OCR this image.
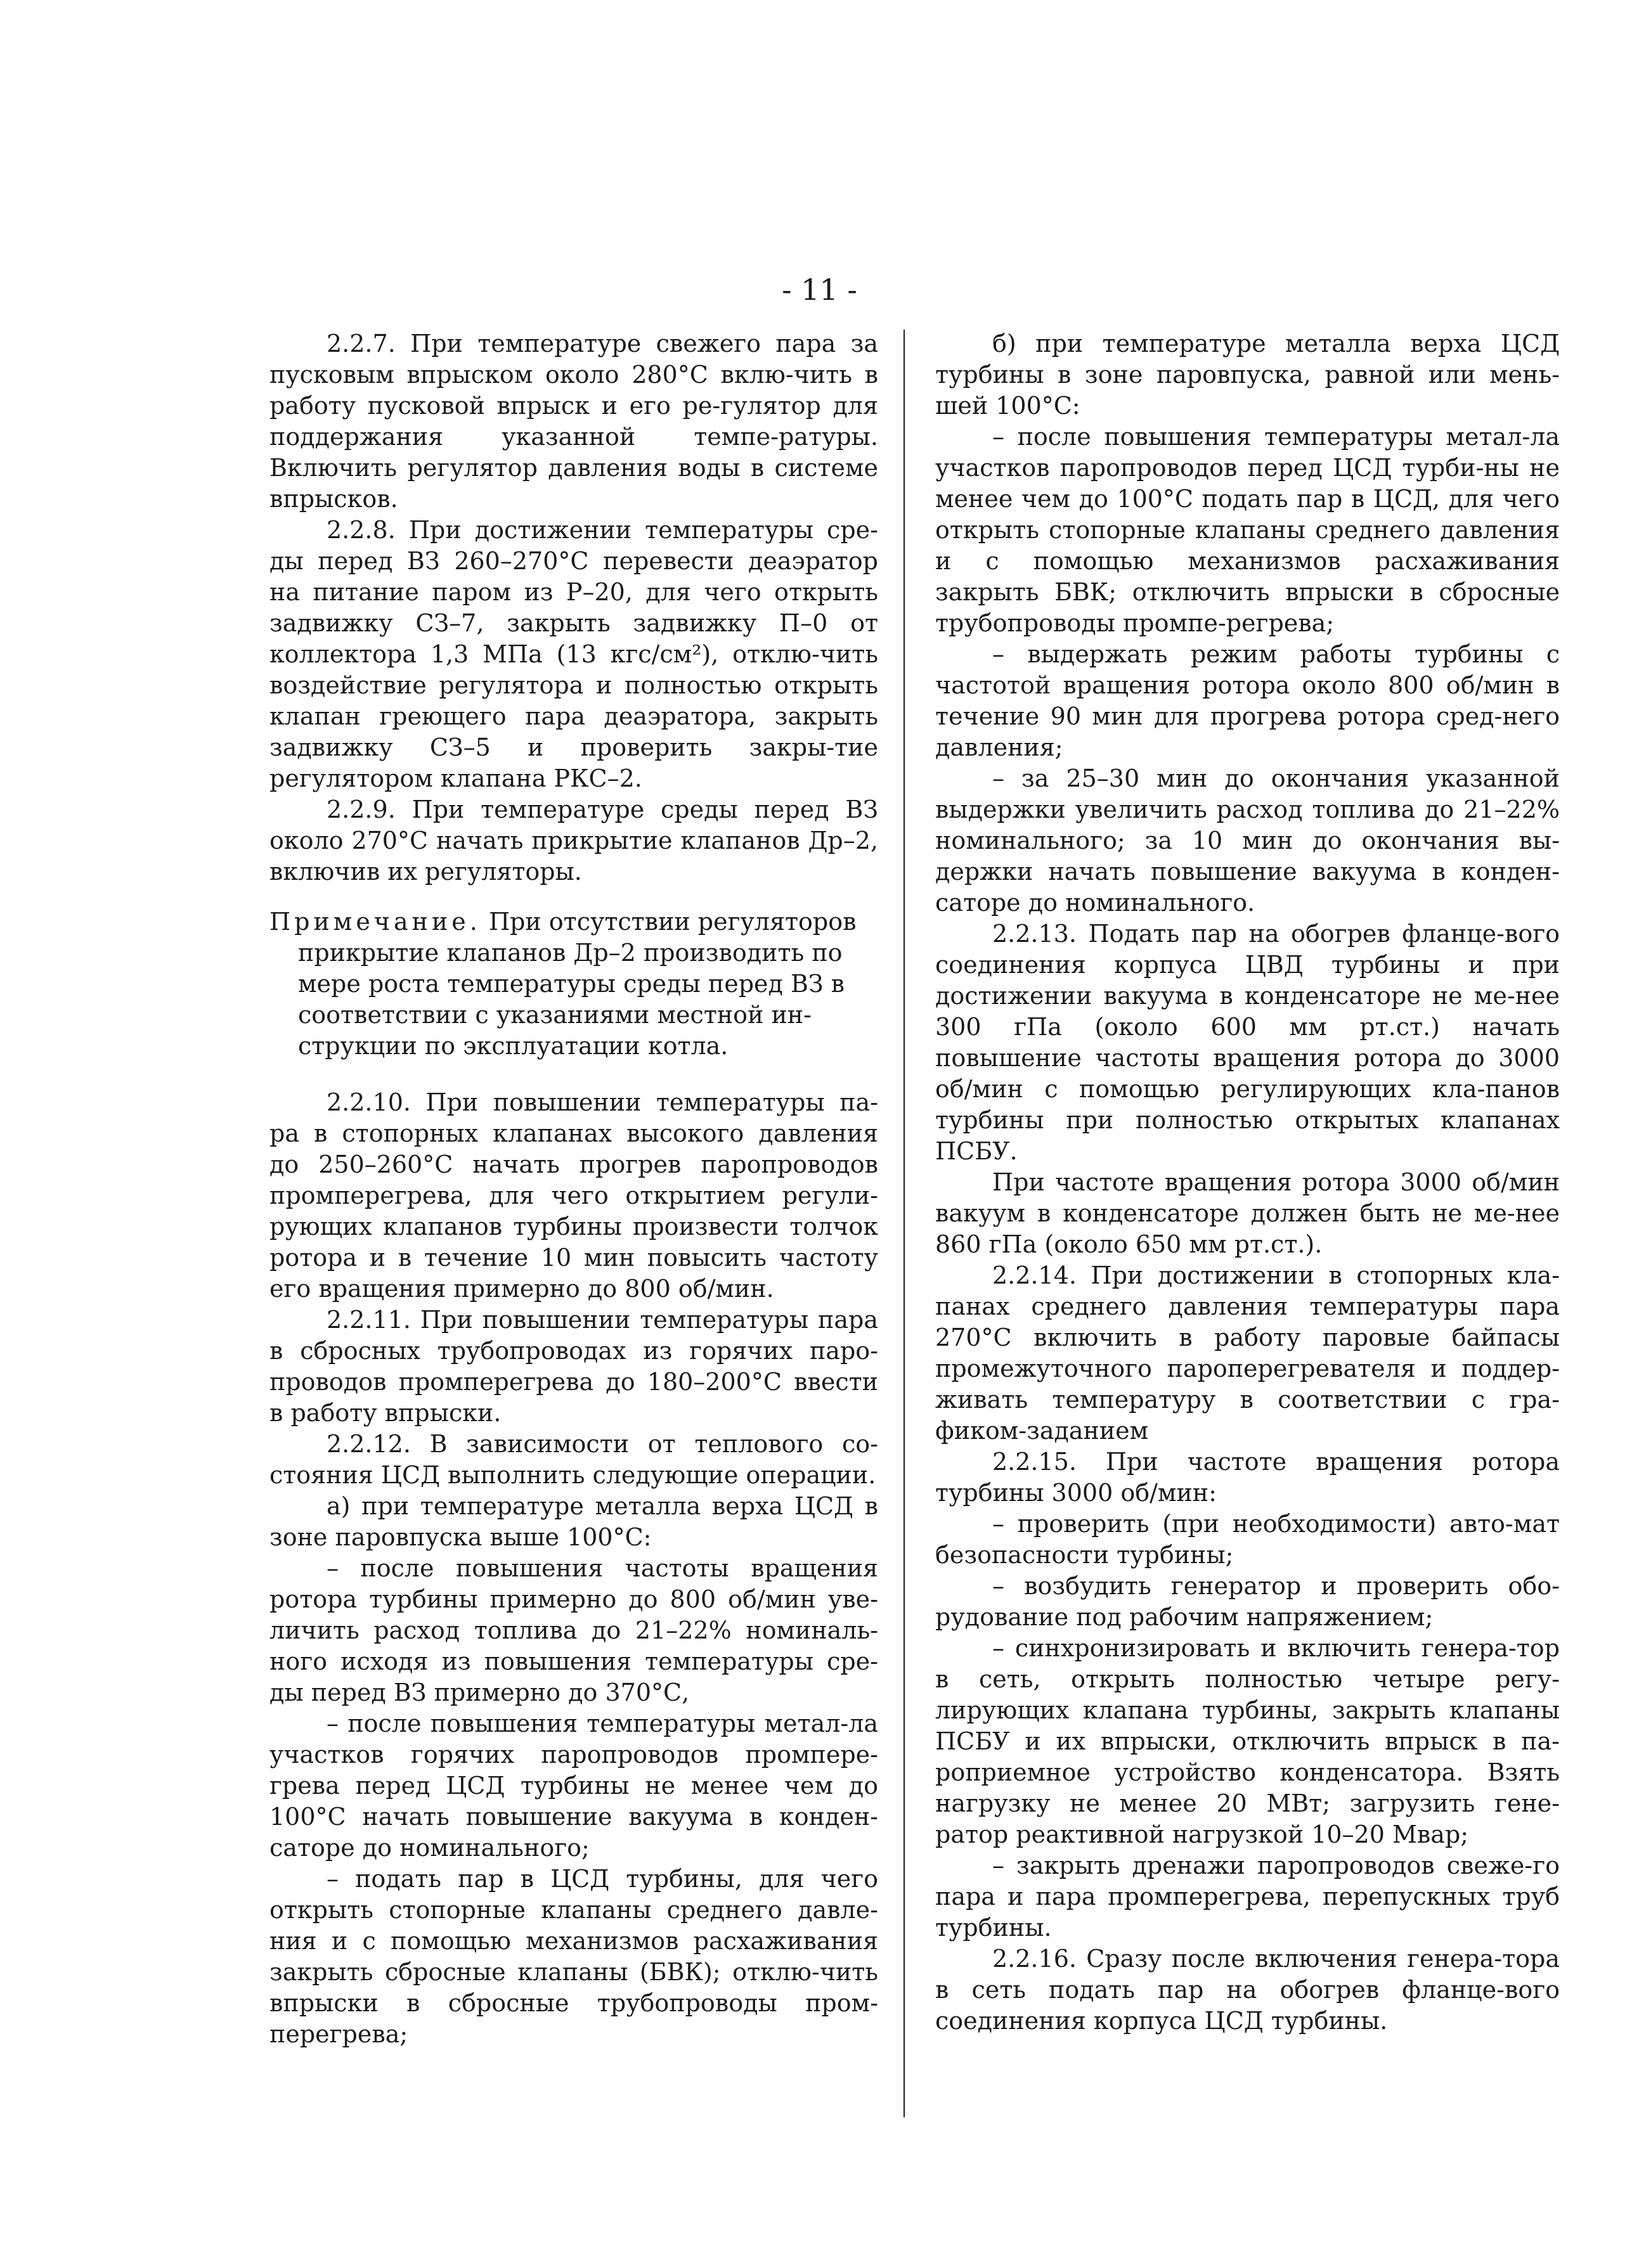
- 11 -

2.2.7. При температуре свежего пара за пусковым впрыском около 280°С вклю-чить в работу пусковой впрыск и его ре-гулятор для поддержания указанной темпе-ратуры. Включить регулятор давления воды в системе впрысков.

2.2.8. При достижении температуры сре-ды перед ВЗ 260–270°С перевести деаэратор на питание паром из Р–20, для чего открыть задвижку СЗ–7, закрыть задвижку П–0 от коллектора 1,3 МПа (13 кгс/см²), отклю-чить воздействие регулятора и полностью открыть клапан греющего пара деаэратора, закрыть задвижку СЗ–5 и проверить закры-тие регулятором клапана РКС–2.

2.2.9. При температуре среды перед ВЗ около 270°С начать прикрытие клапанов Др–2, включив их регуляторы.

Примечание. При отсутствии регуляторов
прикрытие клапанов Др–2 производить по мере роста температуры среды перед ВЗ в соответствии с указаниями местной ин-струкции по эксплуатации котла.

2.2.10. При повышении температуры па-ра в стопорных клапанах высокого давления до 250–260°С начать прогрев паропроводов промперегрева, для чего открытием регули-рующих клапанов турбины произвести толчок ротора и в течение 10 мин повысить частоту его вращения примерно до 800 об/мин.

2.2.11. При повышении температуры пара в сбросных трубопроводах из горячих паро-проводов промперегрева до 180–200°С ввести в работу впрыски.

2.2.12. В зависимости от теплового со-стояния ЦСД выполнить следующие операции.

а) при температуре металла верха ЦСД в зоне паровпуска выше 100°С:

– после повышения частоты вращения ротора турбины примерно до 800 об/мин уве-личить расход топлива до 21–22% номиналь-ного исходя из повышения температуры сре-ды перед ВЗ примерно до 370°С,

– после повышения температуры метал-ла участков горячих паропроводов промпере-грева перед ЦСД турбины не менее чем до 100°С начать повышение вакуума в конден-саторе до номинального;

– подать пар в ЦСД турбины, для чего открыть стопорные клапаны среднего давле-ния и с помощью механизмов расхаживания закрыть сбросные клапаны (БВК); отклю-чить впрыски в сбросные трубопроводы пром-перегрева;

б) при температуре металла верха ЦСД турбины в зоне паровпуска, равной или мень-шей 100°С:

– после повышения температуры метал-ла участков паропроводов перед ЦСД турби-ны не менее чем до 100°С подать пар в ЦСД, для чего открыть стопорные клапаны среднего давления и с помощью механизмов расхаживания закрыть БВК; отключить впрыски в сбросные трубопроводы промпе-регрева;

– выдержать режим работы турбины с частотой вращения ротора около 800 об/мин в течение 90 мин для прогрева ротора сред-него давления;

– за 25–30 мин до окончания указанной выдержки увеличить расход топлива до 21–22% номинального; за 10 мин до окончания вы-держки начать повышение вакуума в конден-саторе до номинального.

2.2.13. Подать пар на обогрев фланце-вого соединения корпуса ЦВД турбины и при достижении вакуума в конденсаторе не ме-нее 300 гПа (около 600 мм рт.ст.) начать повышение частоты вращения ротора до 3000 об/мин с помощью регулирующих кла-панов турбины при полностью открытых клапанах ПСБУ.

При частоте вращения ротора 3000 об/мин вакуум в конденсаторе должен быть не ме-нее 860 гПа (около 650 мм рт.ст.).

2.2.14. При достижении в стопорных кла-панах среднего давления температуры пара 270°С включить в работу паровые байпасы промежуточного пароперегревателя и поддер-живать температуру в соответствии с гра-фиком-заданием

2.2.15. При частоте вращения ротора турбины 3000 об/мин:

– проверить (при необходимости) авто-мат безопасности турбины;

– возбудить генератор и проверить обо-рудование под рабочим напряжением;

– синхронизировать и включить генера-тор в сеть, открыть полностью четыре регу-лирующих клапана турбины, закрыть клапаны ПСБУ и их впрыски, отключить впрыск в па-роприемное устройство конденсатора. Взять нагрузку не менее 20 МВт; загрузить гене-ратор реактивной нагрузкой 10–20 Мвар;

– закрыть дренажи паропроводов свеже-го пара и пара промперегрева, перепускных труб турбины.

2.2.16. Сразу после включения генера-тора в сеть подать пар на обогрев фланце-вого соединения корпуса ЦСД турбины.
